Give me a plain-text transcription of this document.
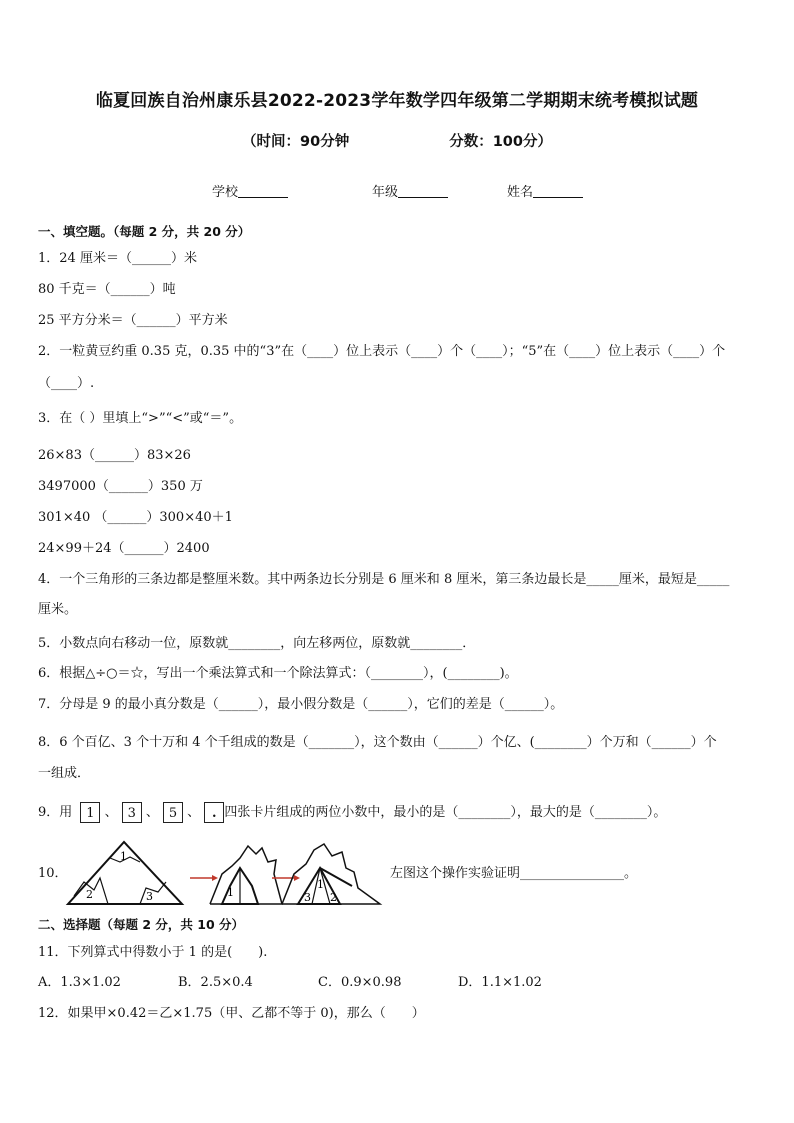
临夏回族自治州康乐县2022-2023学年数学四年级第二学期期末统考模拟试题
（时间：90分钟	分数：100分）
学校	年级	姓名
一、填空题。（每题 2 分，共 20 分）
1．24 厘米＝（______）米
80 千克＝（______）吨
25 平方分米＝（______）平方米
2．一粒黄豆约重 0.35 克，0.35 中的“3”在（____）位上表示（____）个（____）；“5”在（____）位上表示（____）个
（____）.
3．在（ ）里填上“>”“<”或“＝”。
26×83（______）83×26
3497000（______）350 万
301×40 （______）300×40＋1
24×99＋24（______）2400
4．一个三角形的三条边都是整厘米数。其中两条边长分别是 6 厘米和 8 厘米，第三条边最长是_____厘米，最短是_____
厘米。
5．小数点向右移动一位，原数就________，向左移两位，原数就________．
6．根据△÷○＝☆，写出一个乘法算式和一个除法算式：（________），(________)。
7．分母是 9 的最小真分数是（______），最小假分数是（______），它们的差是（______）。
8．6 个百亿、3 个十万和 4 个千组成的数是（_______），这个数由（______）个亿、(________）个万和（______）个
一组成．
9．用 1 、 3 、 5 、 . 四张卡片组成的两位小数中，最小的是（________），最大的是（________）。
10．
1
2	3	1	3
1
2
左图这个操作实验证明________________。
二、选择题（每题 2 分，共 10 分）
11．下列算式中得数小于 1 的是(　　).
A．1.3×1.02	B．2.5×0.4	C．0.9×0.98	D．1.1×1.02
12．如果甲×0.42＝乙×1.75（甲、乙都不等于 0)，那么（　　）
